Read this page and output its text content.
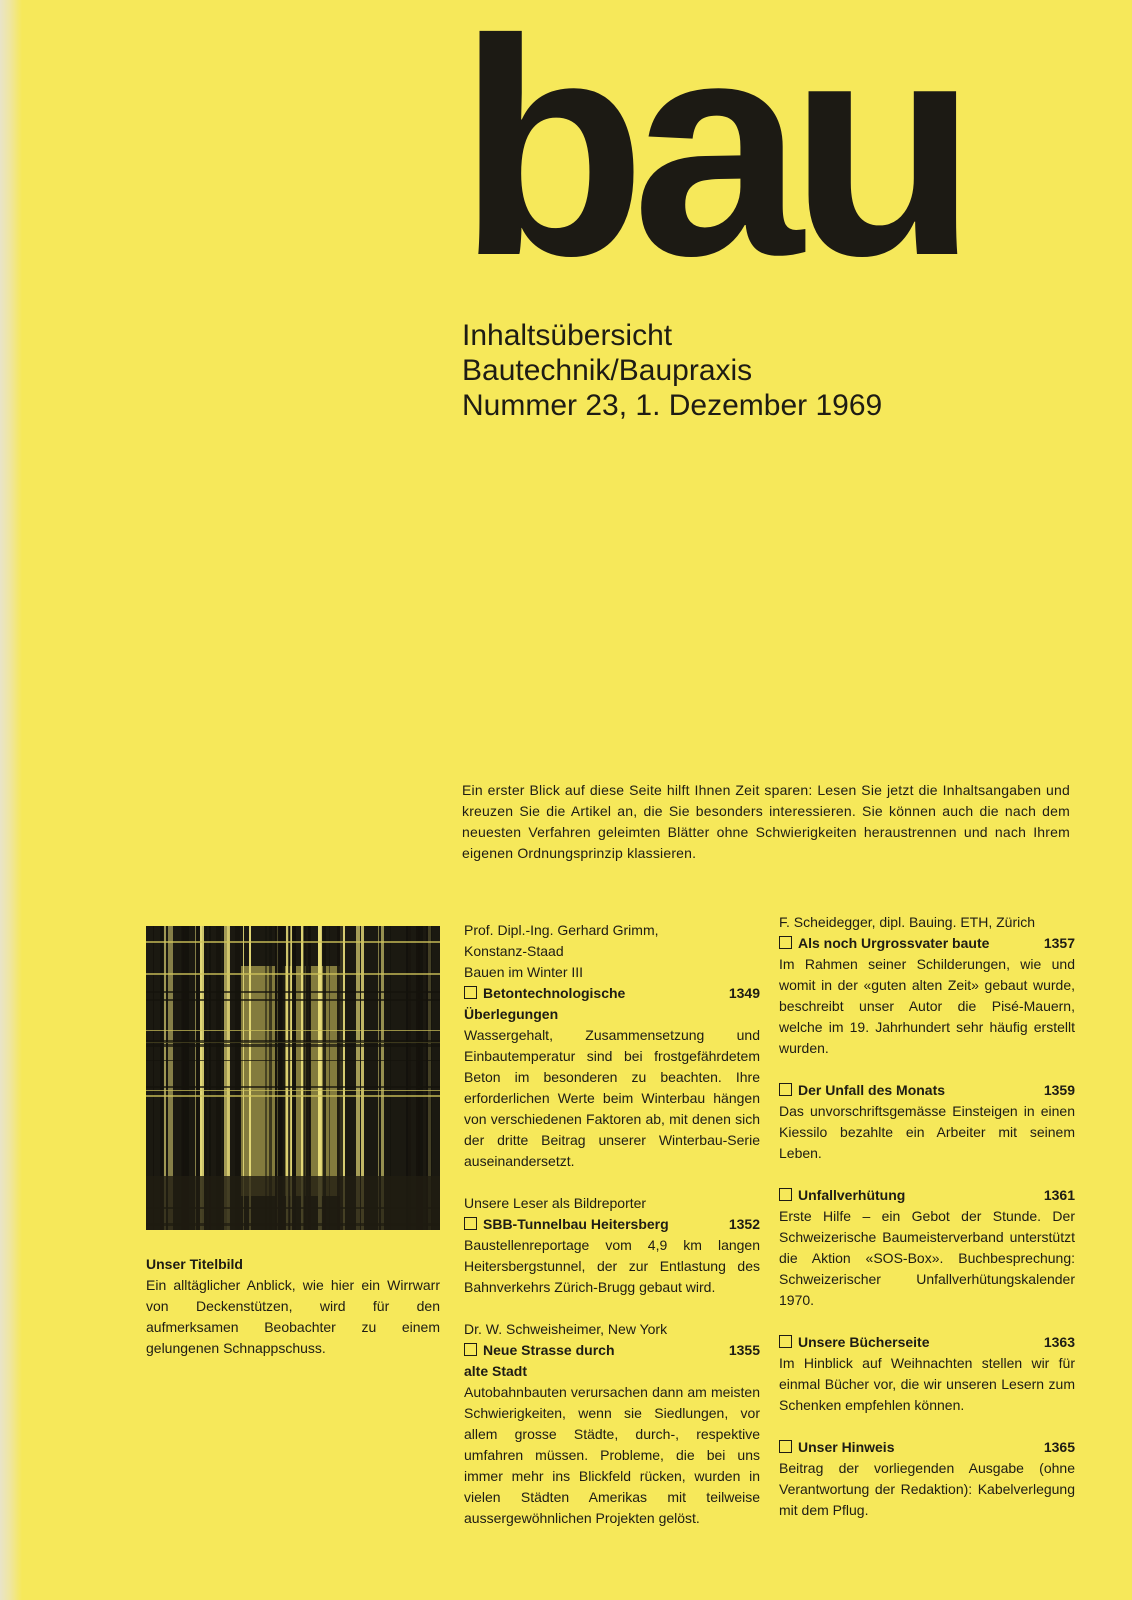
bau
Inhaltsübersicht
Bautechnik/Baupraxis
Nummer 23, 1. Dezember 1969
Ein erster Blick auf diese Seite hilft Ihnen Zeit sparen: Lesen Sie jetzt die Inhaltsangaben und kreuzen Sie die Artikel an, die Sie besonders interessieren. Sie können auch die nach dem neuesten Verfahren geleimten Blätter ohne Schwierigkeiten heraustrennen und nach Ihrem eigenen Ordnungsprinzip klassieren.
Unser Titelbild
Ein alltäglicher Anblick, wie hier ein Wirrwarr von Deckenstützen, wird für den aufmerksamen Beobachter zu einem gelungenen Schnappschuss.
Prof. Dipl.-Ing. Gerhard Grimm,
Konstanz-Staad
Bauen im Winter III
Betontechnologische	1349
Überlegungen
Wassergehalt, Zusammensetzung und Einbautemperatur sind bei frostgefährdetem Beton im besonderen zu beachten. Ihre erforderlichen Werte beim Winterbau hängen von verschiedenen Faktoren ab, mit denen sich der dritte Beitrag unserer Winterbau-Serie auseinandersetzt.
Unsere Leser als Bildreporter
SBB-Tunnelbau Heitersberg	1352
Baustellenreportage vom 4,9 km langen Heitersbergstunnel, der zur Entlastung des Bahnverkehrs Zürich-Brugg gebaut wird.
Dr. W. Schweisheimer, New York
Neue Strasse durch	1355
alte Stadt
Autobahnbauten verursachen dann am meisten Schwierigkeiten, wenn sie Siedlungen, vor allem grosse Städte, durch-, respektive umfahren müssen. Probleme, die bei uns immer mehr ins Blickfeld rücken, wurden in vielen Städten Amerikas mit teilweise aussergewöhnlichen Projekten gelöst.
F. Scheidegger, dipl. Bauing. ETH, Zürich
Als noch Urgrossvater baute	1357
Im Rahmen seiner Schilderungen, wie und womit in der «guten alten Zeit» gebaut wurde, beschreibt unser Autor die Pisé-Mauern, welche im 19. Jahrhundert sehr häufig erstellt wurden.
Der Unfall des Monats	1359
Das unvorschriftsgemässe Einsteigen in einen Kiessilo bezahlte ein Arbeiter mit seinem Leben.
Unfallverhütung	1361
Erste Hilfe – ein Gebot der Stunde. Der Schweizerische Baumeisterverband unterstützt die Aktion «SOS-Box». Buchbesprechung: Schweizerischer Unfallverhütungskalender 1970.
Unsere Bücherseite	1363
Im Hinblick auf Weihnachten stellen wir für einmal Bücher vor, die wir unseren Lesern zum Schenken empfehlen können.
Unser Hinweis	1365
Beitrag der vorliegenden Ausgabe (ohne Verantwortung der Redaktion): Kabelverlegung mit dem Pflug.
